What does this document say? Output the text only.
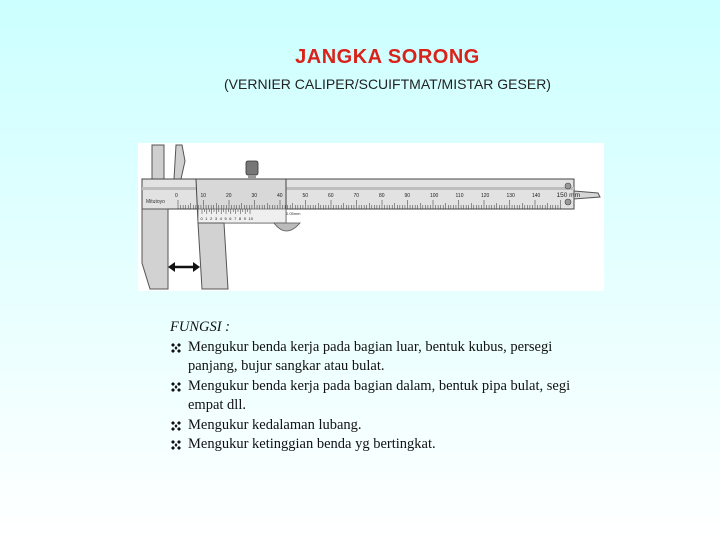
JANGKA SORONG
(VERNIER CALIPER/SCUIFTMAT/MISTAR GESER)
Mitutoyo
0	10	20	30	40	50	60	70	80	90	100	110	120	130	140 150 mm
0 1 2 3 4 5 6 7 8 9 10
0.05mm
FUNGSI :
Mengukur benda kerja pada bagian luar, bentuk kubus, persegi panjang, bujur sangkar atau bulat.
Mengukur benda kerja pada bagian dalam, bentuk pipa bulat, segi empat dll.
Mengukur kedalaman lubang.
Mengukur ketinggian benda yg bertingkat.
